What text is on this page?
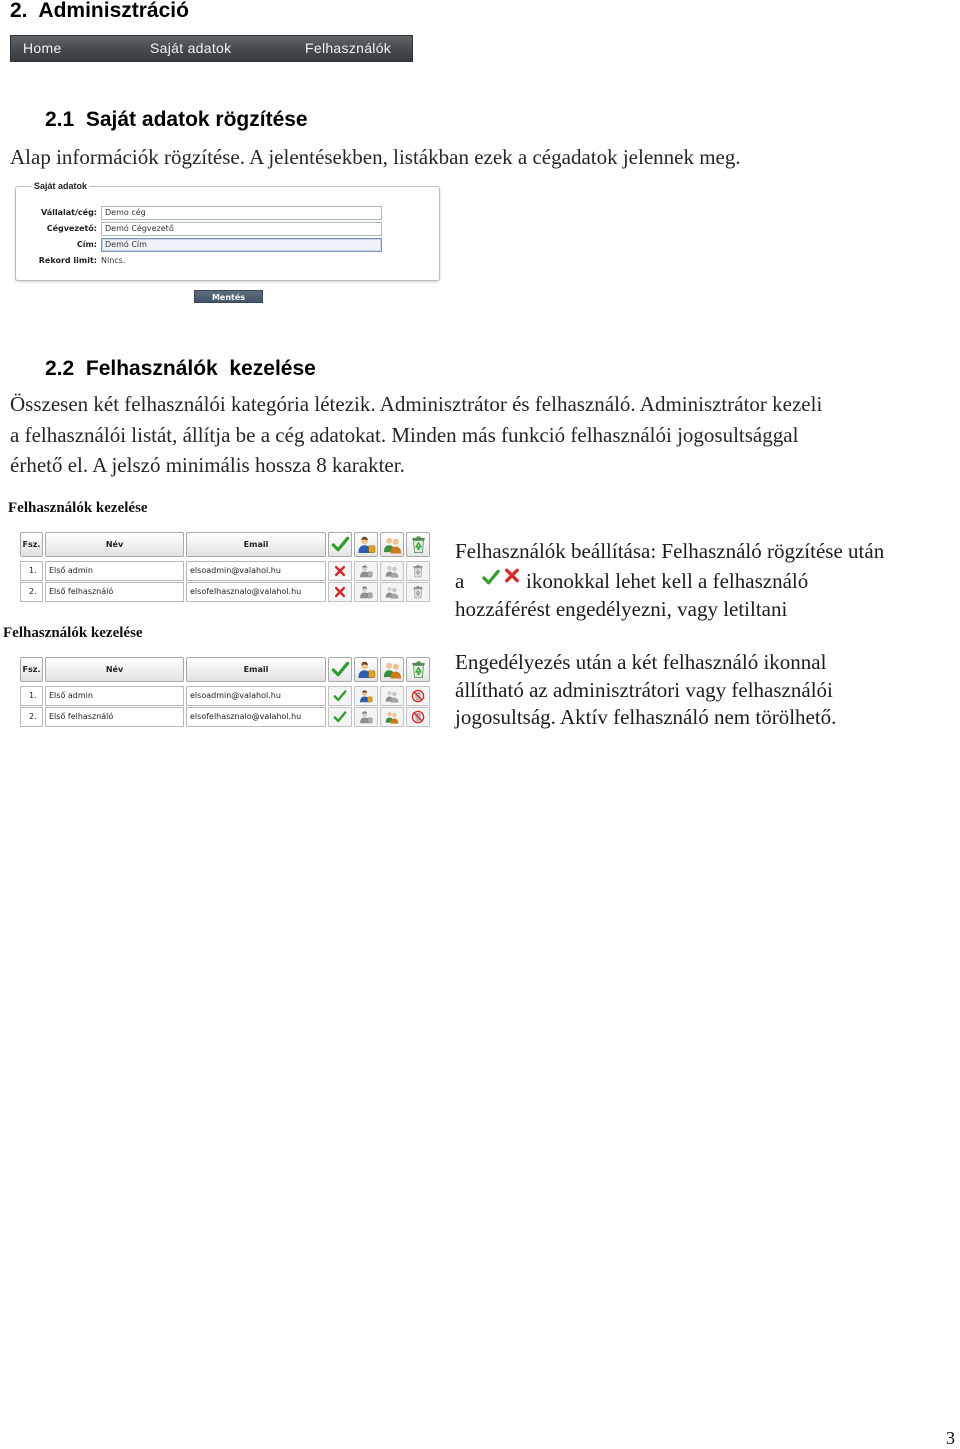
2.  Adminisztráció
Home	Saját adatok	Felhasználók
2.1  Saját adatok rögzítése
Alap információk rögzítése. A jelentésekben, listákban ezek a cégadatok jelennek meg.
Saját adatok
Vállalat/cég: Demo cég
Cégvezető: Demó Cégvezető
Cím: Demó Cím
Rekord limit: Nincs.
Mentés
2.2  Felhasználók  kezelése
Összesen két felhasználói kategória létezik. Adminisztrátor és felhasználó. Adminisztrátor kezeli
a felhasználói listát, állítja be a cég adatokat. Minden más funkció felhasználói jogosultsággal
érhető el. A jelszó minimális hossza 8 karakter.
Felhasználók kezelése
Fsz.	Név	Email
1.	Első admin	elsoadmin@valahol.hu
2.	Első felhasználó	elsofelhasznalo@valahol.hu
Felhasználók kezelése
Fsz.	Név	Email
1.	Első admin	elsoadmin@valahol.hu
2.	Első felhasználó	elsofelhasznalo@valahol.hu
Felhasználók beállítása: Felhasználó rögzítése után
a	ikonokkal lehet kell a felhasználó
hozzáférést engedélyezni, vagy letiltani
Engedélyezés után a két felhasználó ikonnal
állítható az adminisztrátori vagy felhasználói
jogosultság. Aktív felhasználó nem törölhető.
3
